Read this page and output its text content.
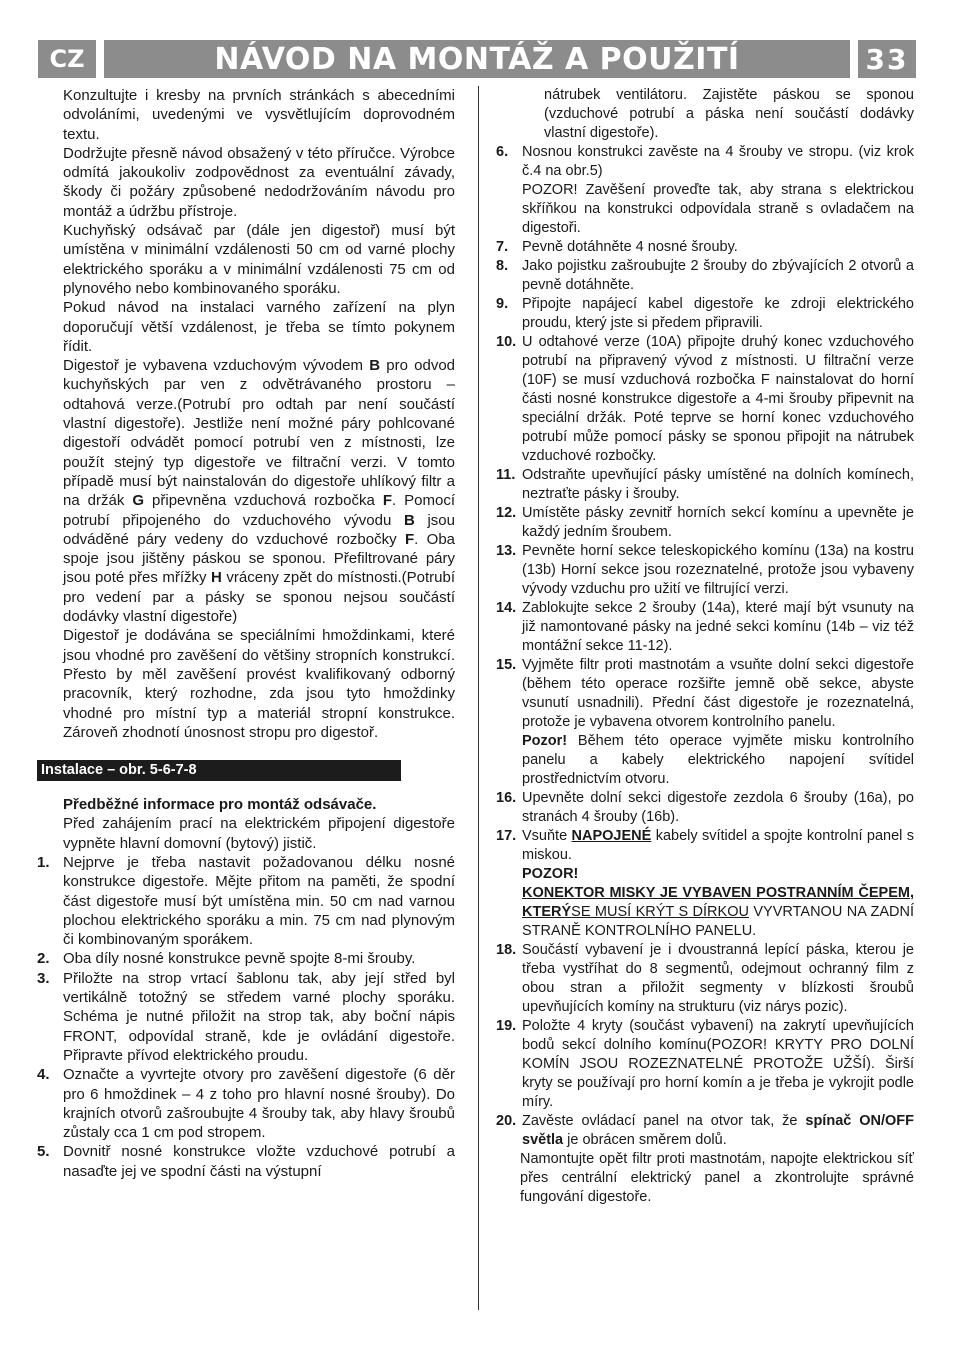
CZ	NÁVOD NA MONTÁŽ A POUŽITÍ	33

Konzultujte i kresby na prvních stránkách s abecedními odvoláními, uvedenými ve vysvětlujícím doprovodném textu.

Dodržujte přesně návod obsažený v této příručce. Výrobce odmítá jakoukoliv zodpovědnost za eventuální závady, škody či požáry způsobené nedodržováním návodu pro montáž a údržbu přístroje.

Kuchyňský odsávač par (dále jen digestoř) musí být umístěna v minimální vzdálenosti 50 cm od varné plochy elektrického sporáku a v minimální vzdálenosti 75 cm od plynového nebo kombinovaného sporáku.

Pokud návod na instalaci varného zařízení na plyn doporučují větší vzdálenost, je třeba se tímto pokynem řídit.

Digestoř je vybavena vzduchovým vývodem B pro odvod kuchyňských par ven z odvětrávaného prostoru – odtahová verze.(Potrubí pro odtah par není součástí vlastní digestoře). Jestliže není možné páry pohlcované digestoří odvádět pomocí potrubí ven z místnosti, lze použít stejný typ digestoře ve filtrační verzi. V tomto případě musí být nainstalován do digestoře uhlíkový filtr a na držák G připevněna vzduchová rozbočka F. Pomocí potrubí připojeného do vzduchového vývodu B jsou odváděné páry vedeny do vzduchové rozbočky F. Oba spoje jsou jištěny páskou se sponou. Přefiltrované páry jsou poté přes mřížky H vráceny zpět do místnosti.(Potrubí pro vedení par a pásky se sponou nejsou součástí dodávky vlastní digestoře)

Digestoř je dodávána se speciálními hmoždinkami, které jsou vhodné pro zavěšení do většiny stropních konstrukcí. Přesto by měl zavěšení provést kvalifikovaný odborný pracovník, který rozhodne, zda jsou tyto hmoždinky vhodné pro místní typ a materiál stropní konstrukce. Zároveň zhodnotí únosnost stropu pro digestoř.

Instalace – obr. 5-6-7-8

Předběžné informace pro montáž odsávače.

Před zahájením prací na elektrickém připojení digestoře vypněte hlavní domovní (bytový) jistič.

1. Nejprve je třeba nastavit požadovanou délku nosné konstrukce digestoře. Mějte přitom na paměti, že spodní část digestoře musí být umístěna min. 50 cm nad varnou plochou elektrického sporáku a min. 75 cm nad plynovým či kombinovaným sporákem.
2. Oba díly nosné konstrukce pevně spojte 8-mi šrouby.
3. Přiložte na strop vrtací šablonu tak, aby její střed byl vertikálně totožný se středem varné plochy sporáku. Schéma je nutné přiložit na strop tak, aby boční nápis FRONT, odpovídal straně, kde je ovládání digestoře. Připravte přívod elektrického proudu.
4. Označte a vyvrtejte otvory pro zavěšení digestoře (6 děr pro 6 hmoždinek – 4 z toho pro hlavní nosné šrouby). Do krajních otvorů zašroubujte 4 šrouby tak, aby hlavy šroubů zůstaly cca 1 cm pod stropem.
5. Dovnitř nosné konstrukce vložte vzduchové potrubí a nasaďte jej ve spodní části na výstupní

nátrubek ventilátoru. Zajistěte páskou se sponou (vzduchové potrubí a páska není součástí dodávky vlastní digestoře).

6. Nosnou konstrukci zavěste na 4 šrouby ve stropu. (viz krok č.4 na obr.5)
POZOR! Zavěšení proveďte tak, aby strana s elektrickou skříňkou na konstrukci odpovídala straně s ovladačem na digestoři.
7. Pevně dotáhněte 4 nosné šrouby.
8. Jako pojistku zašroubujte 2 šrouby do zbývajících 2 otvorů a pevně dotáhněte.
9. Připojte napájecí kabel digestoře ke zdroji elektrického proudu, který jste si předem připravili.
10. U odtahové verze (10A) připojte druhý konec vzduchového potrubí na připravený vývod z místnosti. U filtrační verze (10F) se musí vzduchová rozbočka F nainstalovat do horní části nosné konstrukce digestoře a 4-mi šrouby připevnit na speciální držák. Poté teprve se horní konec vzduchového potrubí může pomocí pásky se sponou připojit na nátrubek vzduchové rozbočky.
11. Odstraňte upevňující pásky umístěné na dolních komínech, neztraťte pásky i šrouby.
12. Umístěte pásky zevnitř horních sekcí komínu a upevněte je každý jedním šroubem.
13. Pevněte horní sekce teleskopického komínu (13a) na kostru (13b) Horní sekce jsou rozeznatelné, protože jsou vybaveny vývody vzduchu pro užití ve filtrující verzi.
14. Zablokujte sekce 2 šrouby (14a), které mají být vsunuty na již namontované pásky na jedné sekci komínu (14b – viz též montážní sekce 11-12).
15. Vyjměte filtr proti mastnotám a vsuňte dolní sekci digestoře (během této operace rozšiřte jemně obě sekce, abyste vsunutí usnadnili). Přední část digestoře je rozeznatelná, protože je vybavena otvorem kontrolního panelu.
Pozor! Během této operace vyjměte misku kontrolního panelu a kabely elektrického napojení svítidel prostřednictvím otvoru.
16. Upevněte dolní sekci digestoře zezdola 6 šrouby (16a), po stranách 4 šrouby (16b).
17. Vsuňte NAPOJENÉ kabely svítidel a spojte kontrolní panel s miskou.
POZOR!
KONEKTOR MISKY JE VYBAVEN POSTRANNÍM ČEPEM, KTERÝSE MUSÍ KRÝT S DÍRKOU VYVRTANOU NA ZADNÍ STRANĚ KONTROLNÍHO PANELU.
18. Součástí vybavení je i dvoustranná lepící páska, kterou je třeba vystříhat do 8 segmentů, odejmout ochranný film z obou stran a přiložit segmenty v blízkosti šroubů upevňujících komíny na strukturu (viz nárys pozic).
19. Položte 4 kryty (součást vybavení) na zakrytí upevňujících bodů sekcí dolního komínu(POZOR! KRYTY PRO DOLNÍ KOMÍN JSOU ROZEZNATELNÉ PROTOŽE UŽŠÍ). Širší kryty se používají pro horní komín a je třeba je vykrojit podle míry.
20. Zavěste ovládací panel na otvor tak, že spínač ON/OFF světla je obrácen směrem dolů.

Namontujte opět filtr proti mastnotám, napojte elektrickou síť přes centrální elektrický panel a zkontrolujte správné fungování digestoře.
